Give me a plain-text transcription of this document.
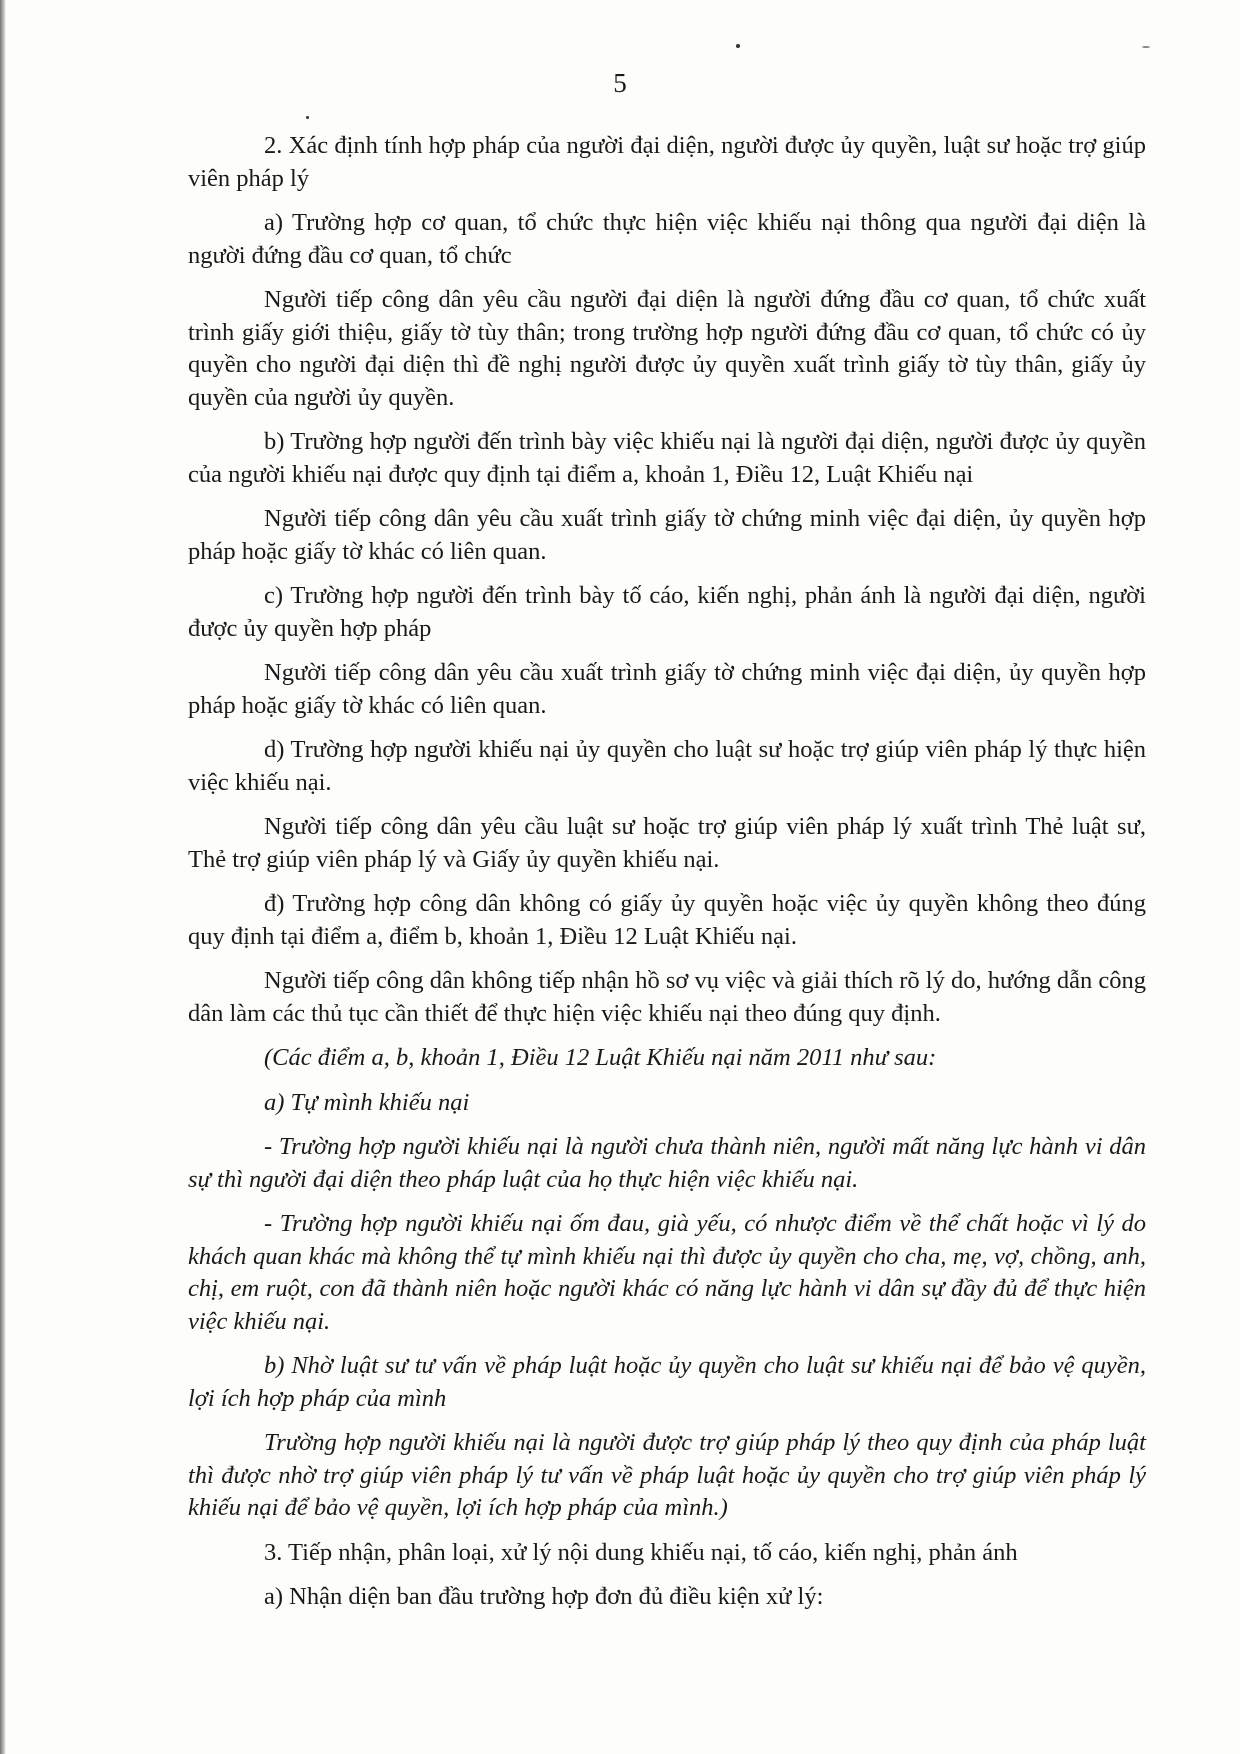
5

2. Xác định tính hợp pháp của người đại diện, người được ủy quyền, luật sư hoặc trợ giúp viên pháp lý

a) Trường hợp cơ quan, tổ chức thực hiện việc khiếu nại thông qua người đại diện là người đứng đầu cơ quan, tổ chức

Người tiếp công dân yêu cầu người đại diện là người đứng đầu cơ quan, tổ chức xuất trình giấy giới thiệu, giấy tờ tùy thân; trong trường hợp người đứng đầu cơ quan, tổ chức có ủy quyền cho người đại diện thì đề nghị người được ủy quyền xuất trình giấy tờ tùy thân, giấy ủy quyền của người ủy quyền.

b) Trường hợp người đến trình bày việc khiếu nại là người đại diện, người được ủy quyền của người khiếu nại được quy định tại điểm a, khoản 1, Điều 12, Luật Khiếu nại

Người tiếp công dân yêu cầu xuất trình giấy tờ chứng minh việc đại diện, ủy quyền hợp pháp hoặc giấy tờ khác có liên quan.

c) Trường hợp người đến trình bày tố cáo, kiến nghị, phản ánh là người đại diện, người được ủy quyền hợp pháp

Người tiếp công dân yêu cầu xuất trình giấy tờ chứng minh việc đại diện, ủy quyền hợp pháp hoặc giấy tờ khác có liên quan.

d) Trường hợp người khiếu nại ủy quyền cho luật sư hoặc trợ giúp viên pháp lý thực hiện việc khiếu nại.

Người tiếp công dân yêu cầu luật sư hoặc trợ giúp viên pháp lý xuất trình Thẻ luật sư, Thẻ trợ giúp viên pháp lý và Giấy ủy quyền khiếu nại.

đ) Trường hợp công dân không có giấy ủy quyền hoặc việc ủy quyền không theo đúng quy định tại điểm a, điểm b, khoản 1, Điều 12 Luật Khiếu nại.

Người tiếp công dân không tiếp nhận hồ sơ vụ việc và giải thích rõ lý do, hướng dẫn công dân làm các thủ tục cần thiết để thực hiện việc khiếu nại theo đúng quy định.

(Các điểm a, b, khoản 1, Điều 12 Luật Khiếu nại năm 2011 như sau:

a) Tự mình khiếu nại

- Trường hợp người khiếu nại là người chưa thành niên, người mất năng lực hành vi dân sự thì người đại diện theo pháp luật của họ thực hiện việc khiếu nại.

- Trường hợp người khiếu nại ốm đau, già yếu, có nhược điểm về thể chất hoặc vì lý do khách quan khác mà không thể tự mình khiếu nại thì được ủy quyền cho cha, mẹ, vợ, chồng, anh, chị, em ruột, con đã thành niên hoặc người khác có năng lực hành vi dân sự đầy đủ để thực hiện việc khiếu nại.

b) Nhờ luật sư tư vấn về pháp luật hoặc ủy quyền cho luật sư khiếu nại để bảo vệ quyền, lợi ích hợp pháp của mình

Trường hợp người khiếu nại là người được trợ giúp pháp lý theo quy định của pháp luật thì được nhờ trợ giúp viên pháp lý tư vấn về pháp luật hoặc ủy quyền cho trợ giúp viên pháp lý khiếu nại để bảo vệ quyền, lợi ích hợp pháp của mình.)

3. Tiếp nhận, phân loại, xử lý nội dung khiếu nại, tố cáo, kiến nghị, phản ánh

a) Nhận diện ban đầu trường hợp đơn đủ điều kiện xử lý:
